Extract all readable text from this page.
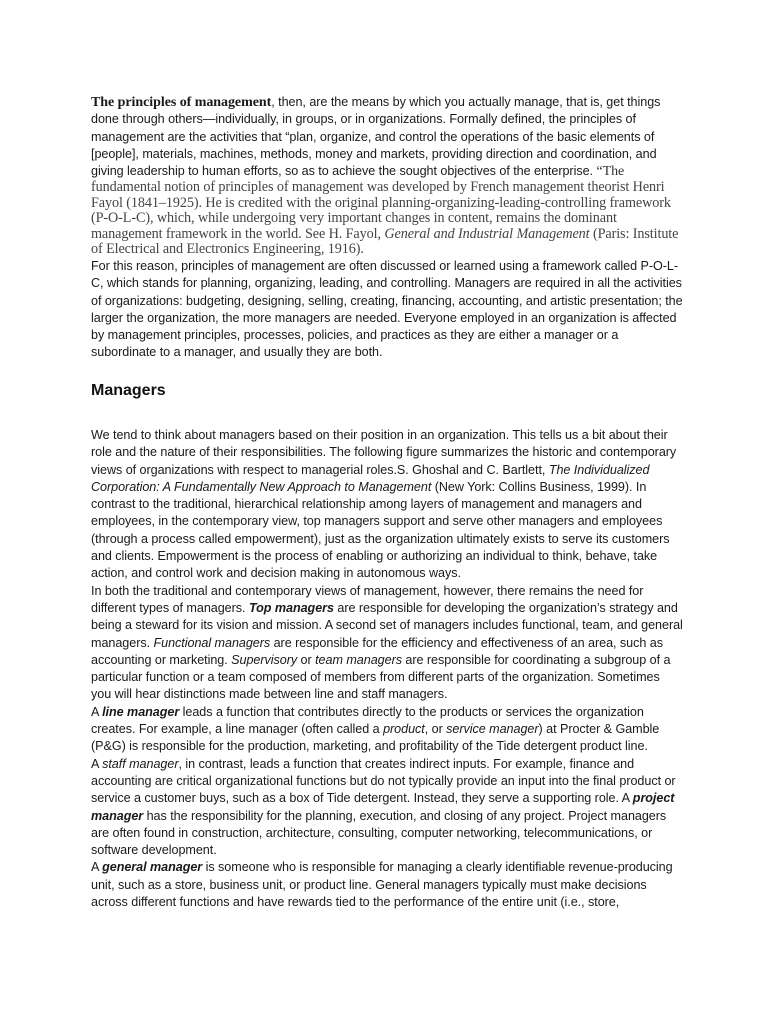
The principles of management, then, are the means by which you actually manage, that is, get things done through others—individually, in groups, or in organizations. Formally defined, the principles of management are the activities that “plan, organize, and control the operations of the basic elements of [people], materials, machines, methods, money and markets, providing direction and coordination, and giving leadership to human efforts, so as to achieve the sought objectives of the enterprise. “The
fundamental notion of principles of management was developed by French management theorist Henri Fayol (1841–1925). He is credited with the original planning-organizing-leading-controlling framework (P-O-L-C), which, while undergoing very important changes in content, remains the dominant management framework in the world. See H. Fayol, General and Industrial Management (Paris: Institute of Electrical and Electronics Engineering, 1916).
For this reason, principles of management are often discussed or learned using a framework called P-O-L-C, which stands for planning, organizing, leading, and controlling. Managers are required in all the activities of organizations: budgeting, designing, selling, creating, financing, accounting, and artistic presentation; the larger the organization, the more managers are needed. Everyone employed in an organization is affected by management principles, processes, policies, and practices as they are either a manager or a subordinate to a manager, and usually they are both.

Managers

We tend to think about managers based on their position in an organization. This tells us a bit about their role and the nature of their responsibilities. The following figure summarizes the historic and contemporary views of organizations with respect to managerial roles.S. Ghoshal and C. Bartlett, The Individualized Corporation: A Fundamentally New Approach to Management (New York: Collins Business, 1999). In contrast to the traditional, hierarchical relationship among layers of management and managers and employees, in the contemporary view, top managers support and serve other managers and employees (through a process called empowerment), just as the organization ultimately exists to serve its customers and clients. Empowerment is the process of enabling or authorizing an individual to think, behave, take action, and control work and decision making in autonomous ways.

In both the traditional and contemporary views of management, however, there remains the need for different types of managers. Top managers are responsible for developing the organization’s strategy and being a steward for its vision and mission. A second set of managers includes functional, team, and general managers. Functional managers are responsible for the efficiency and effectiveness of an area, such as accounting or marketing. Supervisory or team managers are responsible for coordinating a subgroup of a particular function or a team composed of members from different parts of the organization. Sometimes you will hear distinctions made between line and staff managers.

A line manager leads a function that contributes directly to the products or services the organization creates. For example, a line manager (often called a product, or service manager) at Procter & Gamble (P&G) is responsible for the production, marketing, and profitability of the Tide detergent product line.

A staff manager, in contrast, leads a function that creates indirect inputs. For example, finance and accounting are critical organizational functions but do not typically provide an input into the final product or service a customer buys, such as a box of Tide detergent. Instead, they serve a supporting role. A project manager has the responsibility for the planning, execution, and closing of any project. Project managers are often found in construction, architecture, consulting, computer networking, telecommunications, or software development.

A general manager is someone who is responsible for managing a clearly identifiable revenue-producing unit, such as a store, business unit, or product line. General managers typically must make decisions across different functions and have rewards tied to the performance of the entire unit (i.e., store,
